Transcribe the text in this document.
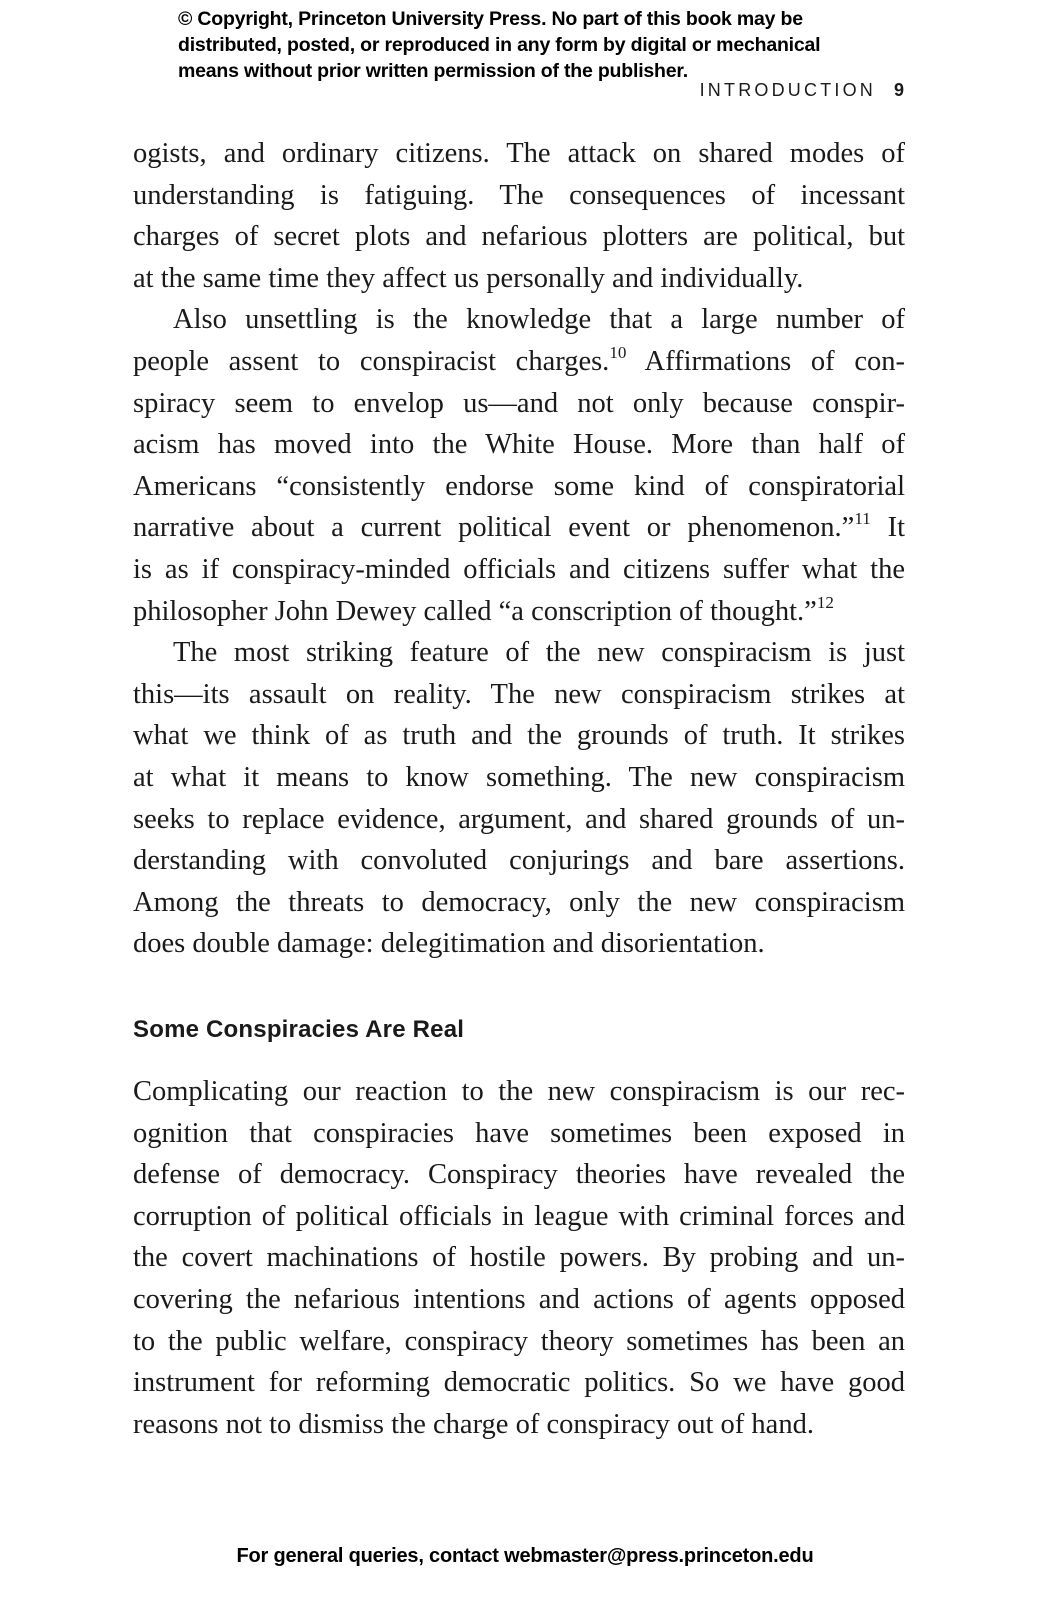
© Copyright, Princeton University Press. No part of this book may be
distributed, posted, or reproduced in any form by digital or mechanical
means without prior written permission of the publisher.
INTRODUCTION 9

ogists, and ordinary citizens. The attack on shared modes of
understanding is fatiguing. The consequences of incessant
charges of secret plots and nefarious plotters are political, but
at the same time they affect us personally and individually.

Also unsettling is the knowledge that a large number of
people assent to conspiracist charges.$^{10}$ Affirmations of con-
spiracy seem to envelop us—and not only because conspir-
acism has moved into the White House. More than half of
Americans “consistently endorse some kind of conspiratorial
narrative about a current political event or phenomenon.”$^{11}$ It
is as if conspiracy-minded officials and citizens suffer what the
philosopher John Dewey called “a conscription of thought.”$^{12}$

The most striking feature of the new conspiracism is just
this—its assault on reality. The new conspiracism strikes at
what we think of as truth and the grounds of truth. It strikes
at what it means to know something. The new conspiracism
seeks to replace evidence, argument, and shared grounds of un-
derstanding with convoluted conjurings and bare assertions.
Among the threats to democracy, only the new conspiracism
does double damage: delegitimation and disorientation.

Some Conspiracies Are Real

Complicating our reaction to the new conspiracism is our rec-
ognition that conspiracies have sometimes been exposed in
defense of democracy. Conspiracy theories have revealed the
corruption of political officials in league with criminal forces and
the covert machinations of hostile powers. By probing and un-
covering the nefarious intentions and actions of agents opposed
to the public welfare, conspiracy theory sometimes has been an
instrument for reforming democratic politics. So we have good
reasons not to dismiss the charge of conspiracy out of hand.

For general queries, contact webmaster@press.princeton.edu
